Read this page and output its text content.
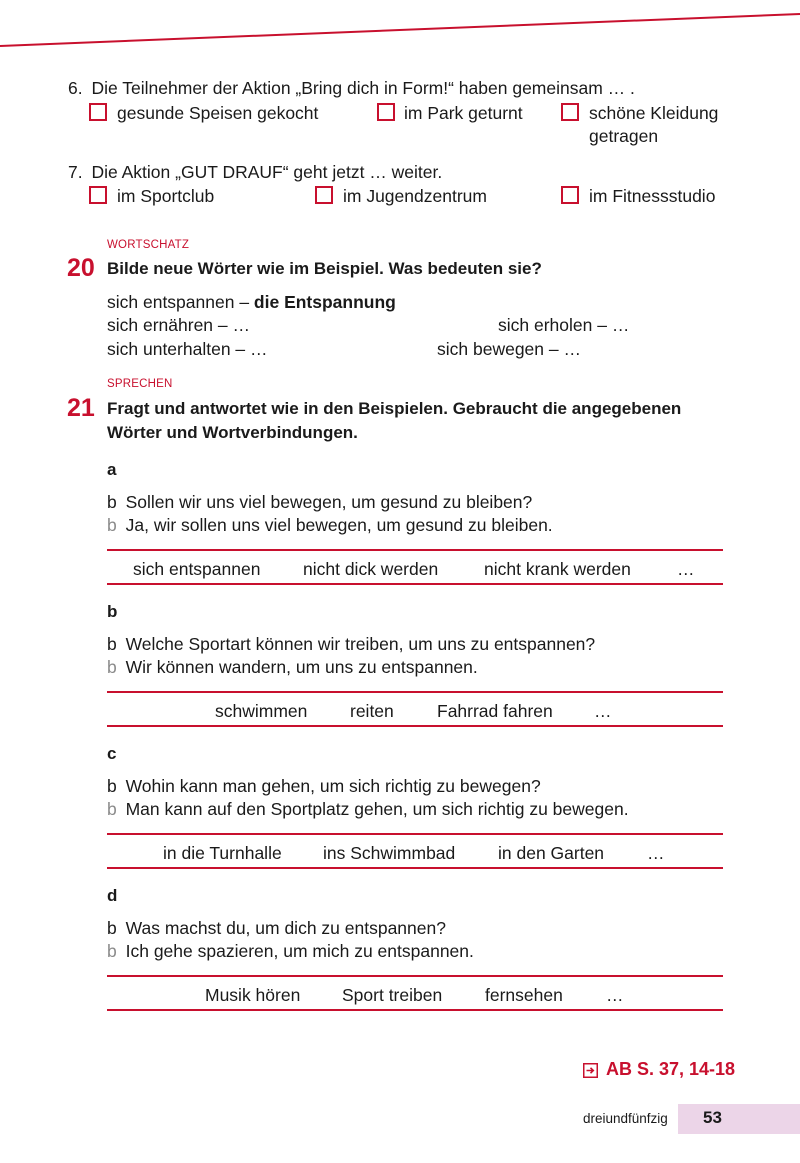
6. Die Teilnehmer der Aktion „Bring dich in Form!“ haben gemeinsam … .
gesunde Speisen gekocht	im Park geturnt	schöne Kleidung
getragen
7. Die Aktion „GUT DRAUF“ geht jetzt … weiter.
im Sportclub	im Jugendzentrum	im Fitnessstudio
WORTSCHATZ
20 Bilde neue Wörter wie im Beispiel. Was bedeuten sie?
sich entspannen – die Entspannung
sich ernähren – …	sich erholen – …
sich unterhalten – …	sich bewegen – …
SPRECHEN
21 Fragt und antwortet wie in den Beispielen. Gebraucht die angegebenen Wörter und Wortverbindungen.
a
b Sollen wir uns viel bewegen, um gesund zu bleiben?
b Ja, wir sollen uns viel bewegen, um gesund zu bleiben.
sich entspannen nicht dick werden	nicht krank werden	…
b
b Welche Sportart können wir treiben, um uns zu entspannen?
b Wir können wandern, um uns zu entspannen.
schwimmen reiten Fahrrad fahren …
c
b Wohin kann man gehen, um sich richtig zu bewegen?
b Man kann auf den Sportplatz gehen, um sich richtig zu bewegen.
in die Turnhalle ins Schwimmbad in den Garten …
d
b Was machst du, um dich zu entspannen?
b Ich gehe spazieren, um mich zu entspannen.
Musik hören Sport treiben fernsehen …
AB S. 37, 14-18
dreiundfünfzig 53
